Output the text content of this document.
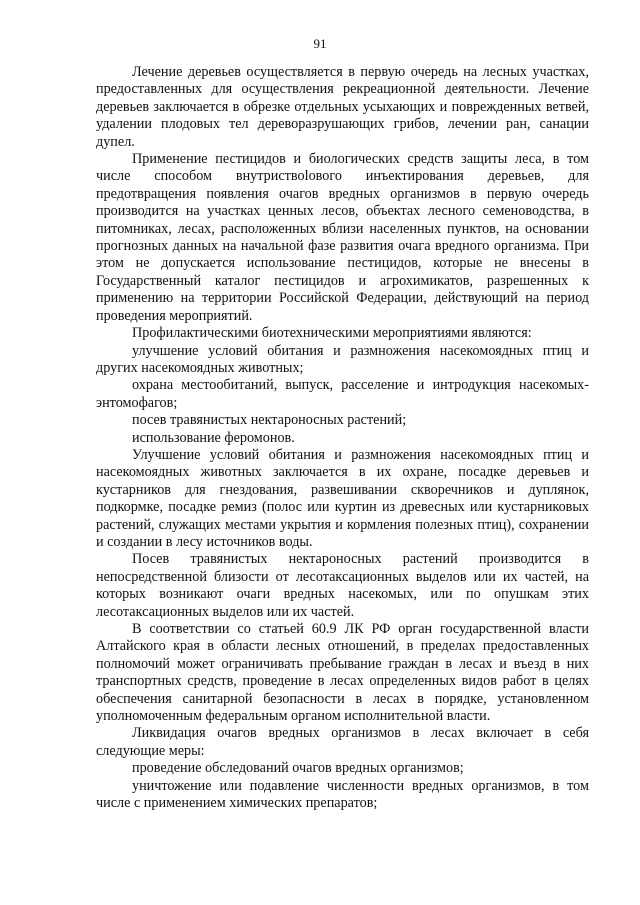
91

Лечение деревьев осуществляется в первую очередь на лесных участках, предоставленных для осуществления рекреационной деятельности. Лечение деревьев заключается в обрезке отдельных усыхающих и поврежденных ветвей, удалении плодовых тел дереворазрушающих грибов, лечении ран, санации дупел.

Применение пестицидов и биологических средств защиты леса, в том числе способом внутриствolового инъектирования деревьев, для предотвращения появления очагов вредных организмов в первую очередь производится на участках ценных лесов, объектах лесного семеноводства, в питомниках, лесах, расположенных вблизи населенных пунктов, на основании прогнозных данных на начальной фазе развития очага вредного организма. При этом не допускается использование пестицидов, которые не внесены в Государственный каталог пестицидов и агрохимикатов, разрешенных к применению на территории Российской Федерации, действующий на период проведения мероприятий.

Профилактическими биотехническими мероприятиями являются:

улучшение условий обитания и размножения насекомоядных птиц и других насекомоядных животных;

охрана местообитаний, выпуск, расселение и интродукция насекомых-энтомофагов;

посев травянистых нектароносных растений;

использование феромонов.

Улучшение условий обитания и размножения насекомоядных птиц и насекомоядных животных заключается в их охране, посадке деревьев и кустарников для гнездования, развешивании скворечников и дуплянок, подкормке, посадке ремиз (полос или куртин из древесных или кустарниковых растений, служащих местами укрытия и кормления полезных птиц), сохранении и создании в лесу источников воды.

Посев травянистых нектароносных растений производится в непосредственной близости от лесотаксационных выделов или их частей, на которых возникают очаги вредных насекомых, или по опушкам этих лесотаксационных выделов или их частей.

В соответствии со статьей 60.9 ЛК РФ орган государственной власти Алтайского края в области лесных отношений, в пределах предоставленных полномочий может ограничивать пребывание граждан в лесах и въезд в них транспортных средств, проведение в лесах определенных видов работ в целях обеспечения санитарной безопасности в лесах в порядке, установленном уполномоченным федеральным органом исполнительной власти.

Ликвидация очагов вредных организмов в лесах включает в себя следующие меры:

проведение обследований очагов вредных организмов;

уничтожение или подавление численности вредных организмов, в том числе с применением химических препаратов;
